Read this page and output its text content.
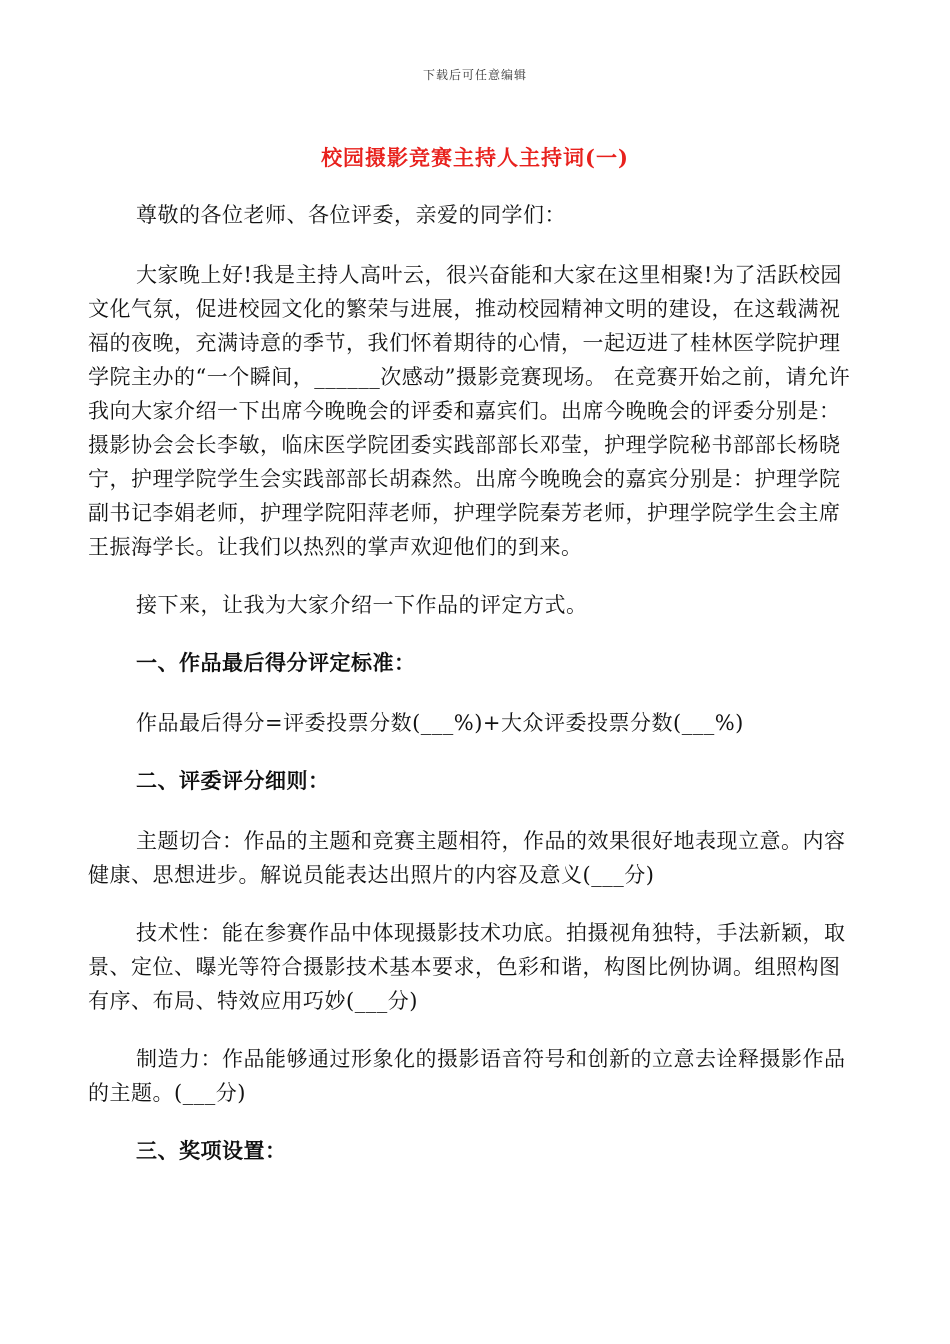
下载后可任意编辑
校园摄影竞赛主持人主持词(一)

尊敬的各位老师、各位评委，亲爱的同学们：

大家晚上好!我是主持人高叶云，很兴奋能和大家在这里相聚!为了活跃校园文化气氛，促进校园文化的繁荣与进展，推动校园精神文明的建设，在这载满祝福的夜晚，充满诗意的季节，我们怀着期待的心情，一起迈进了桂林医学院护理学院主办的“一个瞬间，______次感动”摄影竞赛现场。 在竞赛开始之前，请允许我向大家介绍一下出席今晚晚会的评委和嘉宾们。出席今晚晚会的评委分别是：摄影协会会长李敏，临床医学院团委实践部部长邓莹，护理学院秘书部部长杨晓宁，护理学院学生会实践部部长胡森然。出席今晚晚会的嘉宾分别是：护理学院副书记李娟老师，护理学院阳萍老师，护理学院秦芳老师，护理学院学生会主席王振海学长。让我们以热烈的掌声欢迎他们的到来。

接下来，让我为大家介绍一下作品的评定方式。

一、作品最后得分评定标准：

作品最后得分=评委投票分数(___%)+大众评委投票分数(___%)

二、评委评分细则：

主题切合：作品的主题和竞赛主题相符，作品的效果很好地表现立意。内容健康、思想进步。解说员能表达出照片的内容及意义(___分)

技术性：能在参赛作品中体现摄影技术功底。拍摄视角独特，手法新颖，取景、定位、曝光等符合摄影技术基本要求，色彩和谐，构图比例协调。组照构图有序、布局、特效应用巧妙(___分)

制造力：作品能够通过形象化的摄影语音符号和创新的立意去诠释摄影作品的主题。(___分)

三、奖项设置：
